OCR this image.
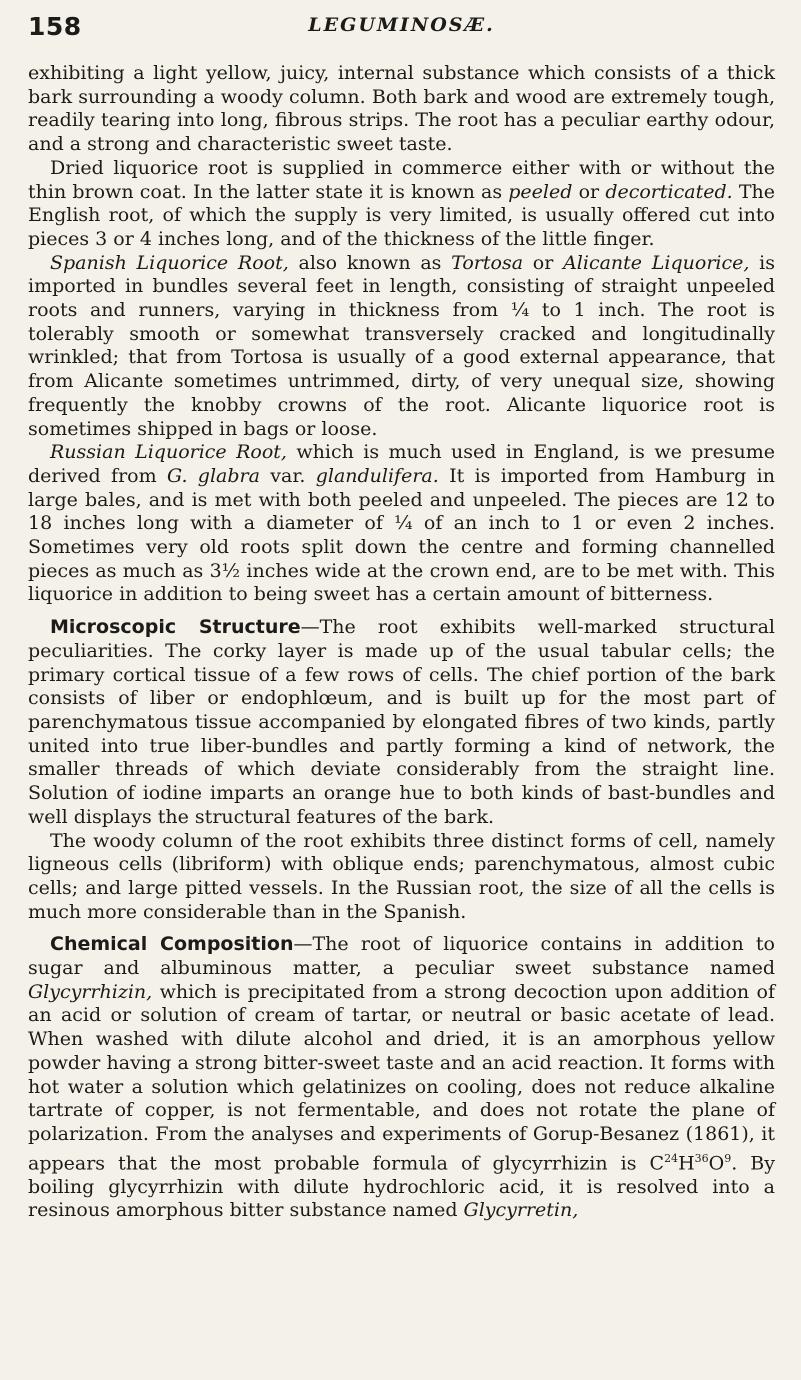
158	LEGUMINOSÆ.

exhibiting a light yellow, juicy, internal substance which consists of a thick bark surrounding a woody column. Both bark and wood are extremely tough, readily tearing into long, fibrous strips. The root has a peculiar earthy odour, and a strong and characteristic sweet taste.

Dried liquorice root is supplied in commerce either with or without the thin brown coat. In the latter state it is known as peeled or decorticated. The English root, of which the supply is very limited, is usually offered cut into pieces 3 or 4 inches long, and of the thickness of the little finger.

Spanish Liquorice Root, also known as Tortosa or Alicante Liquorice, is imported in bundles several feet in length, consisting of straight unpeeled roots and runners, varying in thickness from ¼ to 1 inch. The root is tolerably smooth or somewhat transversely cracked and longitudinally wrinkled; that from Tortosa is usually of a good external appearance, that from Alicante sometimes untrimmed, dirty, of very unequal size, showing frequently the knobby crowns of the root. Alicante liquorice root is sometimes shipped in bags or loose.

Russian Liquorice Root, which is much used in England, is we presume derived from G. glabra var. glandulifera. It is imported from Hamburg in large bales, and is met with both peeled and unpeeled. The pieces are 12 to 18 inches long with a diameter of ¼ of an inch to 1 or even 2 inches. Sometimes very old roots split down the centre and forming channelled pieces as much as 3½ inches wide at the crown end, are to be met with. This liquorice in addition to being sweet has a certain amount of bitterness.

Microscopic Structure—The root exhibits well-marked structural peculiarities. The corky layer is made up of the usual tabular cells; the primary cortical tissue of a few rows of cells. The chief portion of the bark consists of liber or endophlœum, and is built up for the most part of parenchymatous tissue accompanied by elongated fibres of two kinds, partly united into true liber-bundles and partly forming a kind of network, the smaller threads of which deviate considerably from the straight line. Solution of iodine imparts an orange hue to both kinds of bast-bundles and well displays the structural features of the bark.

The woody column of the root exhibits three distinct forms of cell, namely ligneous cells (libriform) with oblique ends; parenchymatous, almost cubic cells; and large pitted vessels. In the Russian root, the size of all the cells is much more considerable than in the Spanish.

Chemical Composition—The root of liquorice contains in addition to sugar and albuminous matter, a peculiar sweet substance named Glycyrrhizin, which is precipitated from a strong decoction upon addition of an acid or solution of cream of tartar, or neutral or basic acetate of lead. When washed with dilute alcohol and dried, it is an amorphous yellow powder having a strong bitter-sweet taste and an acid reaction. It forms with hot water a solution which gelatinizes on cooling, does not reduce alkaline tartrate of copper, is not fermentable, and does not rotate the plane of polarization. From the analyses and experiments of Gorup-Besanez (1861), it appears that the most probable formula of glycyrrhizin is $C^{24}H^{36}O^9$. By boiling glycyrrhizin with dilute hydrochloric acid, it is resolved into a resinous amorphous bitter substance named Glycyrretin,
